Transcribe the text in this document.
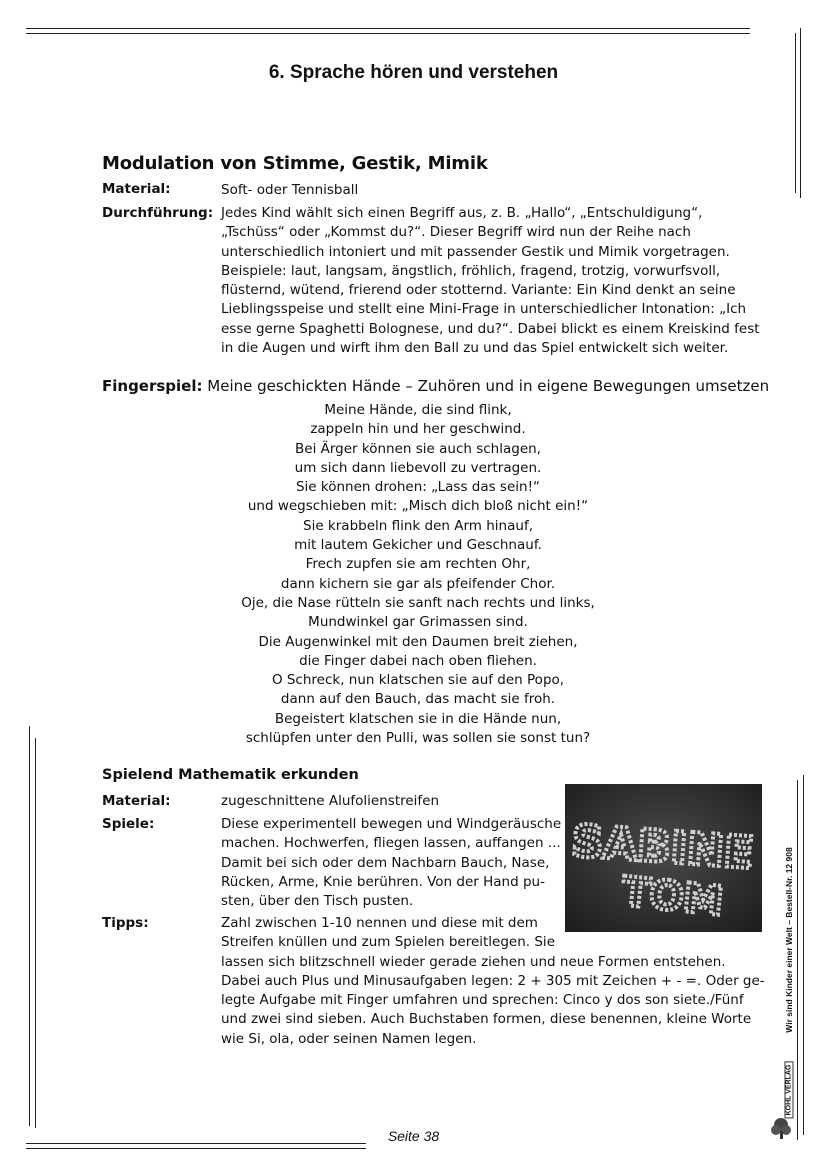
6. Sprache hören und verstehen
Modulation von Stimme, Gestik, Mimik
Material:	Soft- oder Tennisball
Durchführung: Jedes Kind wählt sich einen Begriff aus, z. B. „Hallo“, „Entschuldigung“,
„Tschüss“ oder „Kommst du?“. Dieser Begriff wird nun der Reihe nach
unterschiedlich intoniert und mit passender Gestik und Mimik vorgetragen.
Beispiele: laut, langsam, ängstlich, fröhlich, fragend, trotzig, vorwurfsvoll,
flüsternd, wütend, frierend oder stotternd. Variante: Ein Kind denkt an seine
Lieblingsspeise und stellt eine Mini-Frage in unterschiedlicher Intonation: „Ich
esse gerne Spaghetti Bolognese, und du?“. Dabei blickt es einem Kreiskind fest
in die Augen und wirft ihm den Ball zu und das Spiel entwickelt sich weiter.
Fingerspiel: Meine geschickten Hände – Zuhören und in eigene Bewegungen umsetzen
Meine Hände, die sind flink,
zappeln hin und her geschwind.
Bei Ärger können sie auch schlagen,
um sich dann liebevoll zu vertragen.
Sie können drohen: „Lass das sein!“
und wegschieben mit: „Misch dich bloß nicht ein!“
Sie krabbeln flink den Arm hinauf,
mit lautem Gekicher und Geschnauf.
Frech zupfen sie am rechten Ohr,
dann kichern sie gar als pfeifender Chor.
Oje, die Nase rütteln sie sanft nach rechts und links,
Mundwinkel gar Grimassen sind.
Die Augenwinkel mit den Daumen breit ziehen,
die Finger dabei nach oben fliehen.
O Schreck, nun klatschen sie auf den Popo,
dann auf den Bauch, das macht sie froh.
Begeistert klatschen sie in die Hände nun,
schlüpfen unter den Pulli, was sollen sie sonst tun?
Spielend Mathematik erkunden
Material:	zugeschnittene Alufolienstreifen
Spiele:	Diese experimentell bewegen und Windgeräusche
machen. Hochwerfen, fliegen lassen, auffangen ...
Damit bei sich oder dem Nachbarn Bauch, Nase,
Rücken, Arme, Knie berühren. Von der Hand pu-
sten, über den Tisch pusten.
Tipps:	Zahl zwischen 1-10 nennen und diese mit dem
Streifen knüllen und zum Spielen bereitlegen. Sie
lassen sich blitzschnell wieder gerade ziehen und neue Formen entstehen.
Dabei auch Plus und Minusaufgaben legen: 2 + 305 mit Zeichen + - =. Oder ge-
legte Aufgabe mit Finger umfahren und sprechen: Cinco y dos son siete./Fünf
und zwei sind sieben. Auch Buchstaben formen, diese benennen, kleine Worte
wie Si, ola, oder seinen Namen legen.
SABINE
TOM	Wir sind Kinder einer Welt – Bestell-Nr. 12 908
KOHL VERLAG
Seite 38
